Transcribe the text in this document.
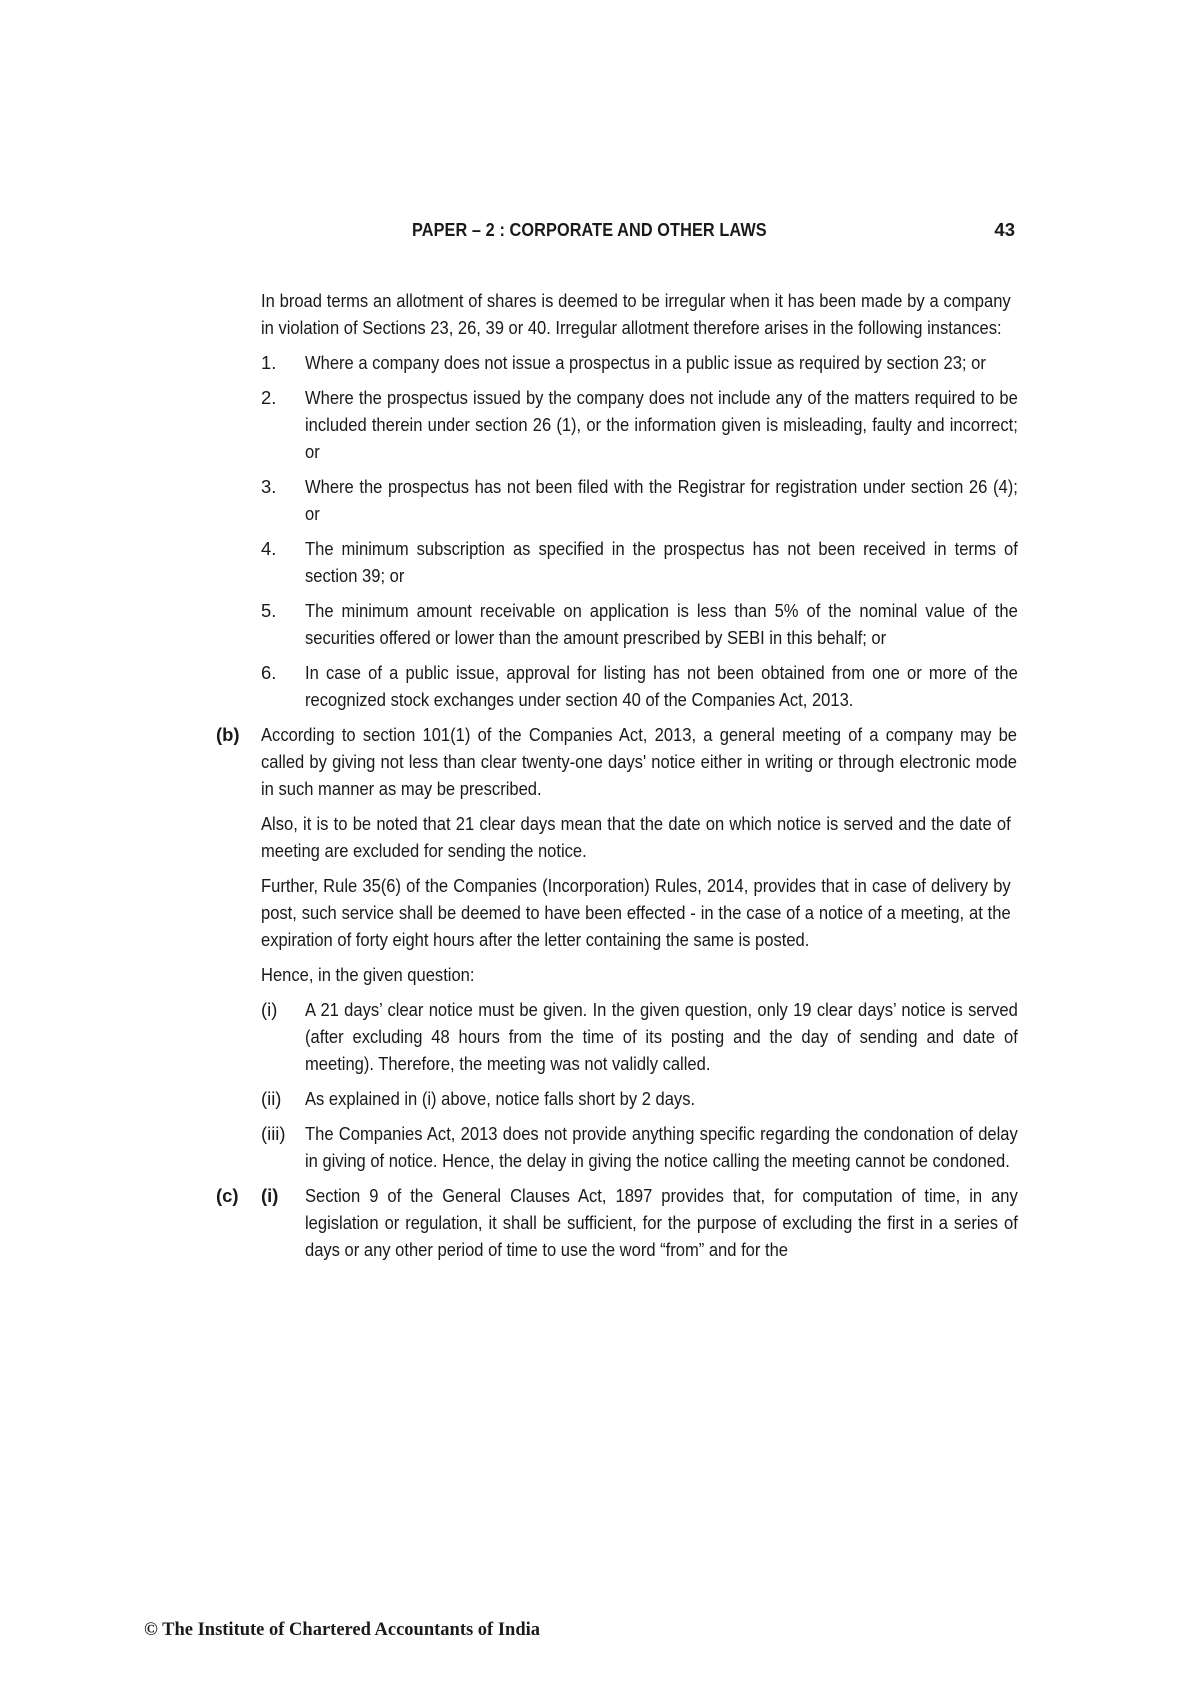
PAPER – 2 : CORPORATE AND OTHER LAWS	43

In broad terms an allotment of shares is deemed to be irregular when it has been made by a company in violation of Sections 23, 26, 39 or 40. Irregular allotment therefore arises in the following instances:

1. Where a company does not issue a prospectus in a public issue as required by section 23; or
2. Where the prospectus issued by the company does not include any of the matters required to be included therein under section 26 (1), or the information given is misleading, faulty and incorrect; or
3. Where the prospectus has not been filed with the Registrar for registration under section 26 (4); or
4. The minimum subscription as specified in the prospectus has not been received in terms of section 39; or
5. The minimum amount receivable on application is less than 5% of the nominal value of the securities offered or lower than the amount prescribed by SEBI in this behalf; or
6. In case of a public issue, approval for listing has not been obtained from one or more of the recognized stock exchanges under section 40 of the Companies Act, 2013.
(b) According to section 101(1) of the Companies Act, 2013, a general meeting of a company may be called by giving not less than clear twenty-one days' notice either in writing or through electronic mode in such manner as may be prescribed.

Also, it is to be noted that 21 clear days mean that the date on which notice is served and the date of meeting are excluded for sending the notice.

Further, Rule 35(6) of the Companies (Incorporation) Rules, 2014, provides that in case of delivery by post, such service shall be deemed to have been effected - in the case of a notice of a meeting, at the expiration of forty eight hours after the letter containing the same is posted.

Hence, in the given question:

(i) A 21 days’ clear notice must be given. In the given question, only 19 clear days’ notice is served (after excluding 48 hours from the time of its posting and the day of sending and date of meeting). Therefore, the meeting was not validly called.
(ii) As explained in (i) above, notice falls short by 2 days.
(iii) The Companies Act, 2013 does not provide anything specific regarding the condonation of delay in giving of notice. Hence, the delay in giving the notice calling the meeting cannot be condoned.
(c) (i) Section 9 of the General Clauses Act, 1897 provides that, for computation of time, in any legislation or regulation, it shall be sufficient, for the purpose of excluding the first in a series of days or any other period of time to use the word “from” and for the
© The Institute of Chartered Accountants of India
